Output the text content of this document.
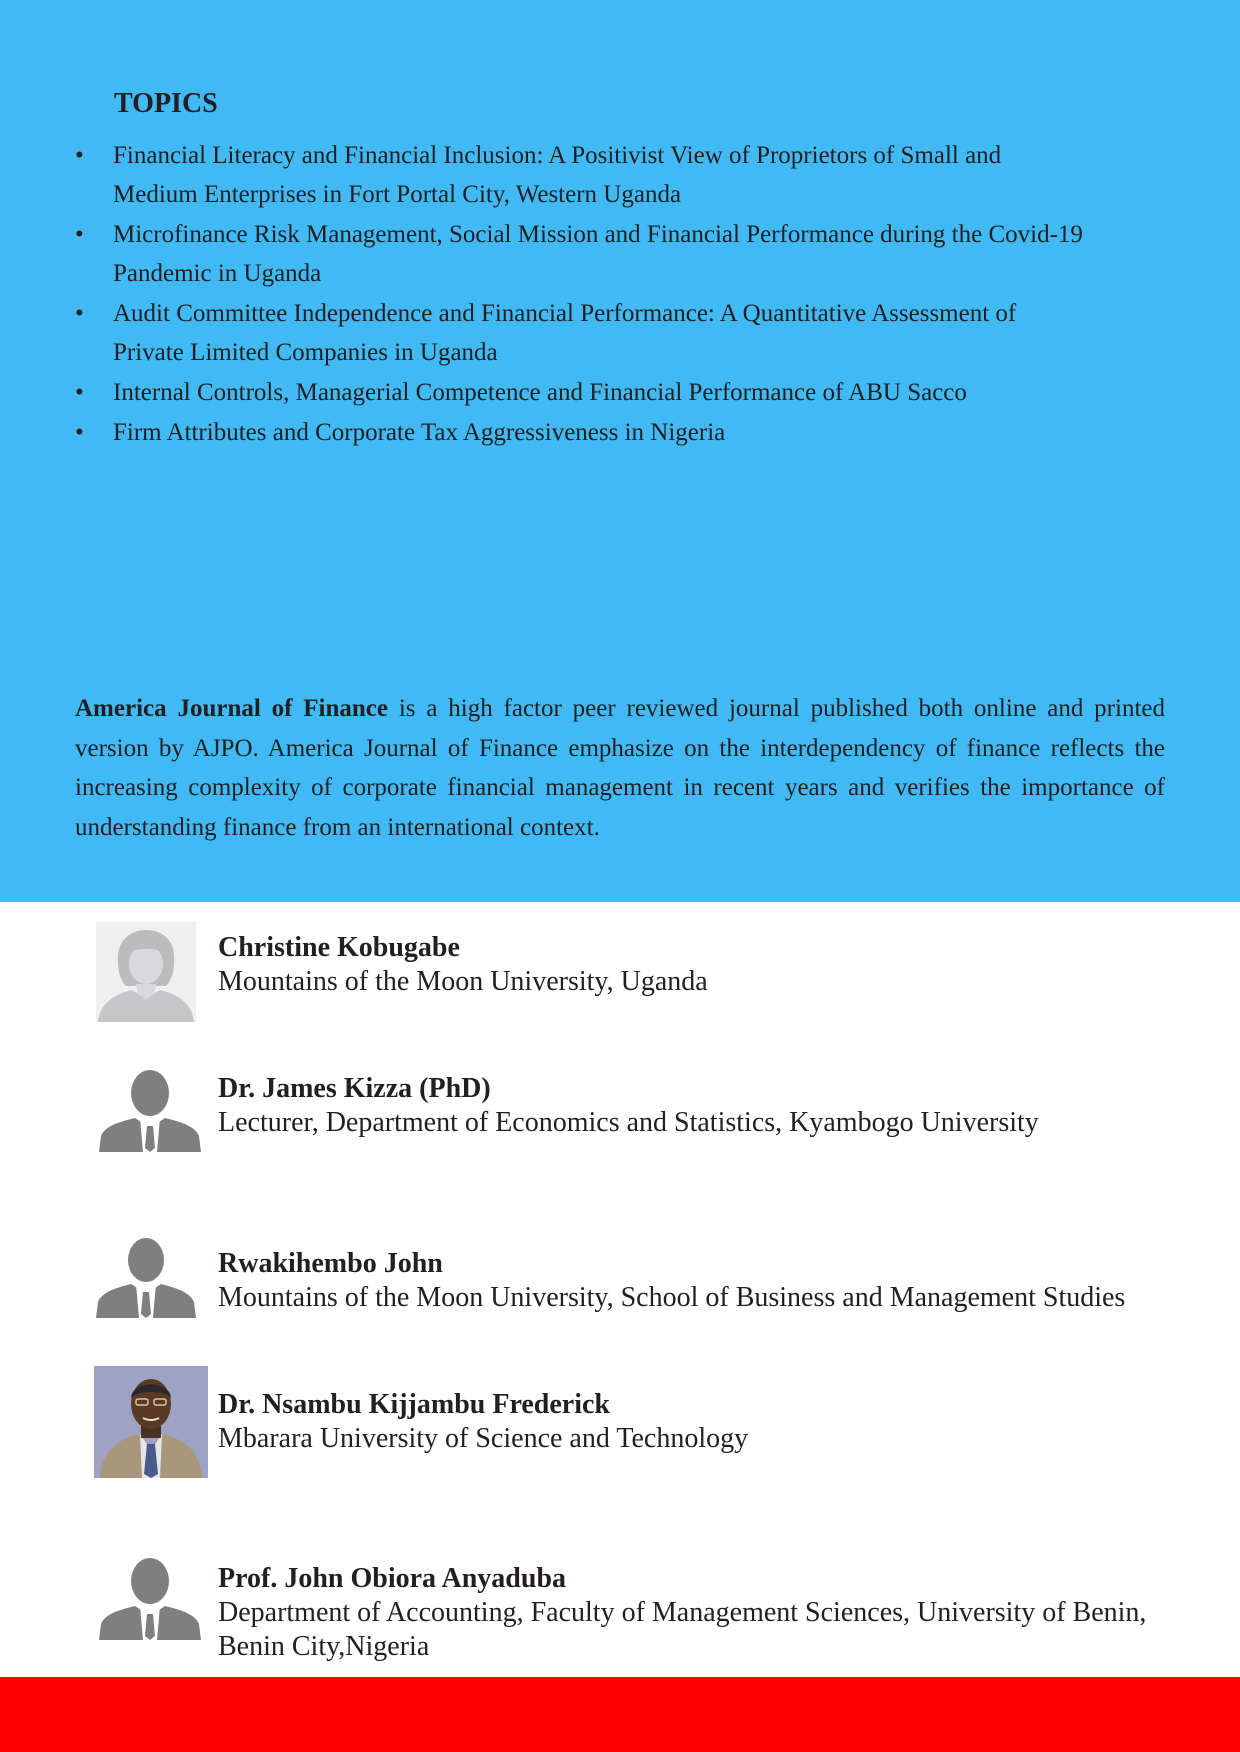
TOPICS
•	Financial Literacy and Financial Inclusion: A Positivist View of Proprietors of Small and
Medium Enterprises in Fort Portal City, Western Uganda
•	Microfinance Risk Management, Social Mission and Financial Performance during the Covid-19
Pandemic in Uganda
•	Audit Committee Independence and Financial Performance: A Quantitative Assessment of
Private Limited Companies in Uganda
•	Internal Controls, Managerial Competence and Financial Performance of ABU Sacco
•	Firm Attributes and Corporate Tax Aggressiveness in Nigeria

America Journal of Finance is a high factor peer reviewed journal published both online and printed version by AJPO. America Journal of Finance emphasize on the interdependency of finance reflects the increasing complexity of corporate financial management in recent years and verifies the importance of understanding finance from an international context.

Christine Kobugabe

Mountains of the Moon University, Uganda

Dr. James Kizza (PhD)

Lecturer, Department of Economics and Statistics, Kyambogo University

Rwakihembo John

Mountains of the Moon University, School of Business and Management Studies

Dr. Nsambu Kijjambu Frederick

Mbarara University of Science and Technology

Prof. John Obiora Anyaduba

Department of Accounting, Faculty of Management Sciences, University of Benin, Benin City,Nigeria
